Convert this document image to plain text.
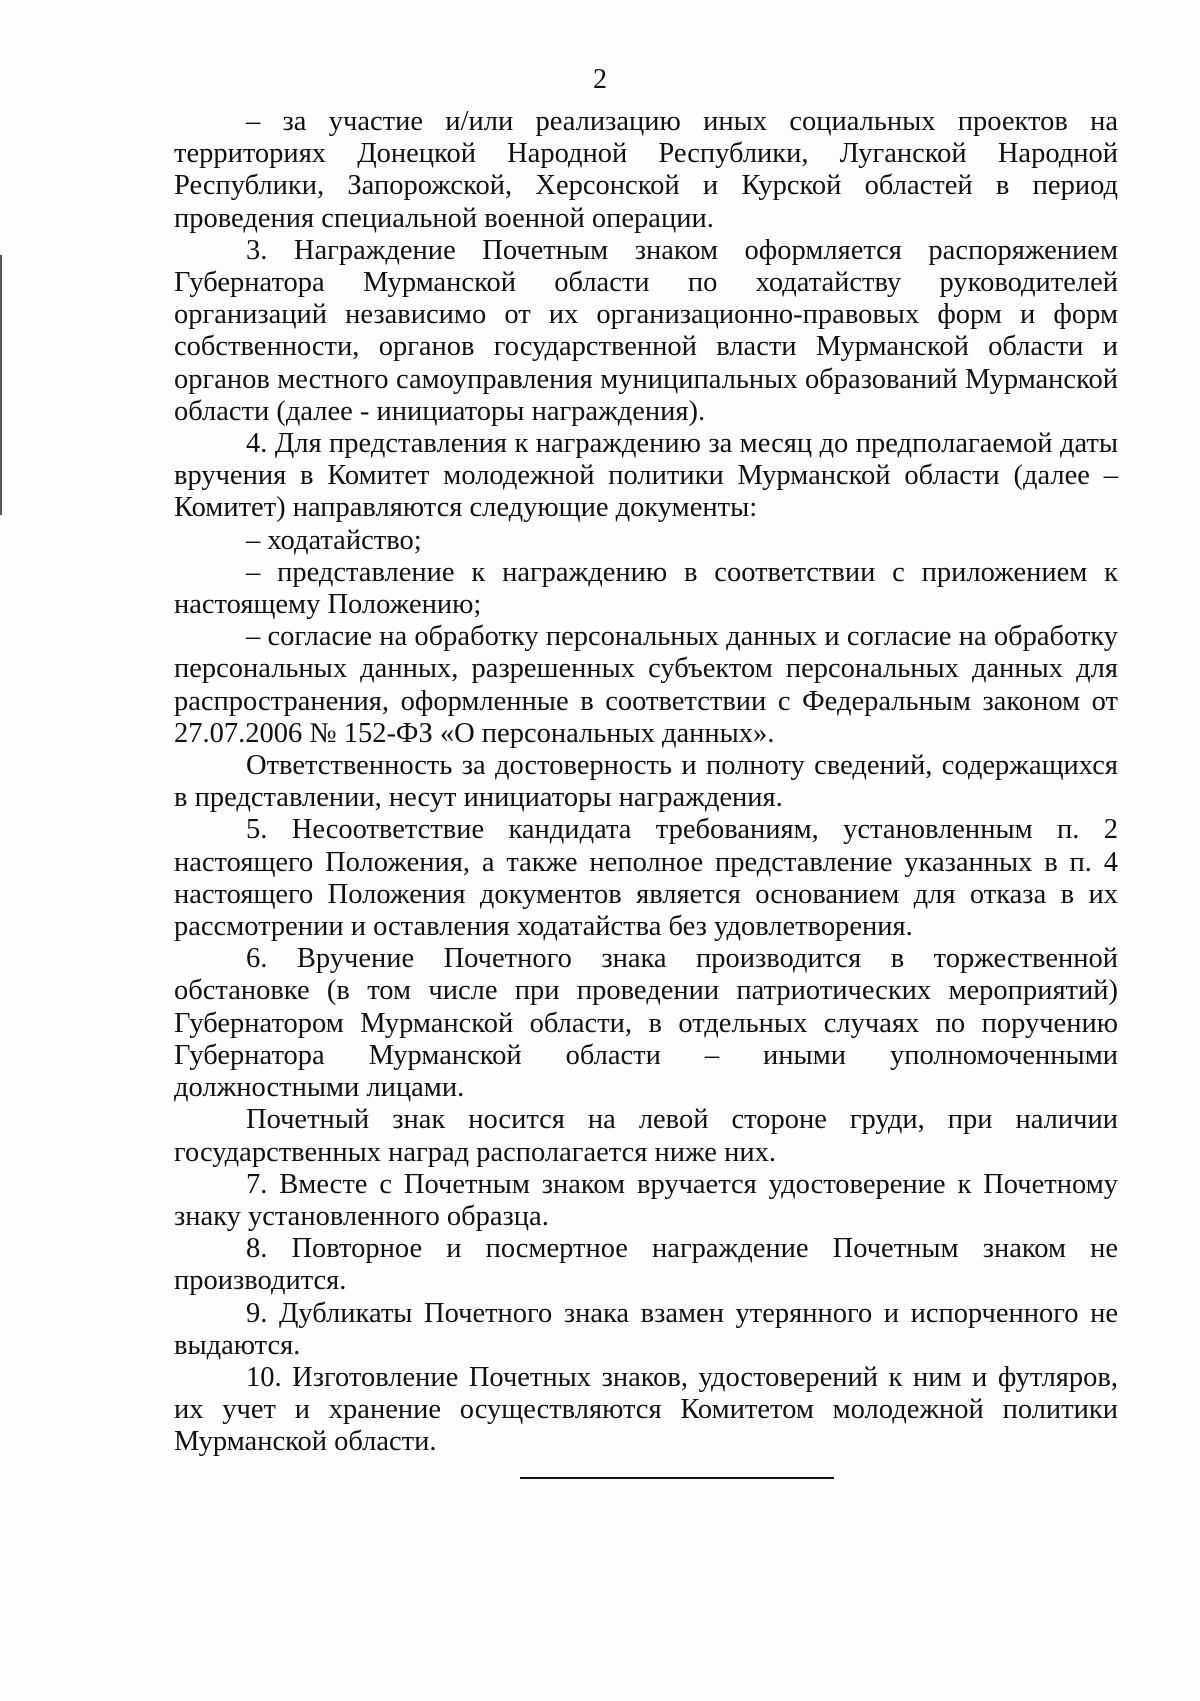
2

– за участие и/или реализацию иных социальных проектов на территориях Донецкой Народной Республики, Луганской Народной Республики, Запорожской, Херсонской и Курской областей в период проведения специальной военной операции.

3. Награждение Почетным знаком оформляется распоряжением Губернатора Мурманской области по ходатайству руководителей организаций независимо от их организационно-правовых форм и форм собственности, органов государственной власти Мурманской области и органов местного самоуправления муниципальных образований Мурманской области (далее - инициаторы награждения).

4. Для представления к награждению за месяц до предполагаемой даты вручения в Комитет молодежной политики Мурманской области (далее – Комитет) направляются следующие документы:

– ходатайство;

– представление к награждению в соответствии с приложением к настоящему Положению;

– согласие на обработку персональных данных и согласие на обработку персональных данных, разрешенных субъектом персональных данных для распространения, оформленные в соответствии с Федеральным законом от 27.07.2006 № 152-ФЗ «О персональных данных».

Ответственность за достоверность и полноту сведений, содержащихся в представлении, несут инициаторы награждения.

5. Несоответствие кандидата требованиям, установленным п. 2 настоящего Положения, а также неполное представление указанных в п. 4 настоящего Положения документов является основанием для отказа в их рассмотрении и оставления ходатайства без удовлетворения.

6. Вручение Почетного знака производится в торжественной обстановке (в том числе при проведении патриотических мероприятий) Губернатором Мурманской области, в отдельных случаях по поручению Губернатора Мурманской области – иными уполномоченными должностными лицами.

Почетный знак носится на левой стороне груди, при наличии государственных наград располагается ниже них.

7. Вместе с Почетным знаком вручается удостоверение к Почетному знаку установленного образца.

8. Повторное и посмертное награждение Почетным знаком не производится.

9. Дубликаты Почетного знака взамен утерянного и испорченного не выдаются.

10. Изготовление Почетных знаков, удостоверений к ним и футляров, их учет и хранение осуществляются Комитетом молодежной политики Мурманской области.
